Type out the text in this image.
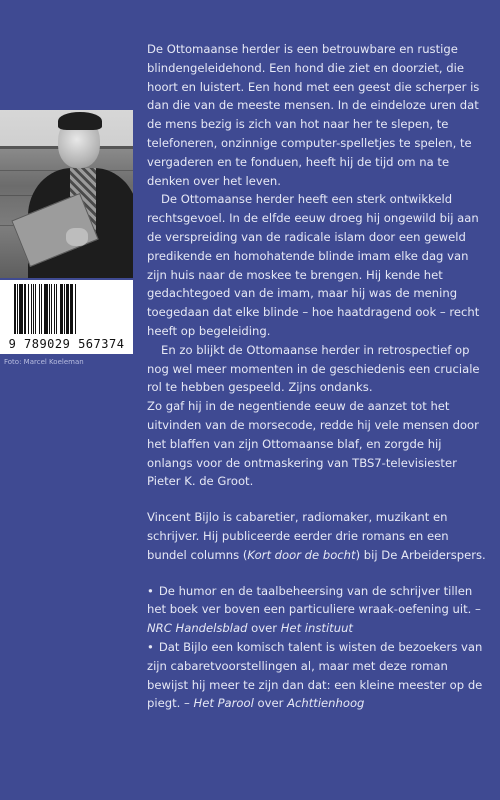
9 789029 567374
Foto: Marcel Koeleman

De Ottomaanse herder is een betrouwbare en rustige blindengeleidehond. Een hond die ziet en doorziet, die hoort en luistert. Een hond met een geest die scherper is dan die van de meeste mensen. In de eindeloze uren dat de mens bezig is zich van hot naar her te slepen, te telefoneren, onzinnige computer-spelletjes te spelen, te vergaderen en te fonduen, heeft hij de tijd om na te denken over het leven.

De Ottomaanse herder heeft een sterk ontwikkeld rechtsgevoel. In de elfde eeuw droeg hij ongewild bij aan de verspreiding van de radicale islam door een geweld predikende en homohatende blinde imam elke dag van zijn huis naar de moskee te brengen. Hij kende het gedachtegoed van de imam, maar hij was de mening toegedaan dat elke blinde – hoe haatdragend ook – recht heeft op begeleiding.

En zo blijkt de Ottomaanse herder in retrospectief op nog wel meer momenten in de geschiedenis een cruciale rol te hebben gespeeld. Zijns ondanks.

Zo gaf hij in de negentiende eeuw de aanzet tot het uitvinden van de morsecode, redde hij vele mensen door het blaffen van zijn Ottomaanse blaf, en zorgde hij onlangs voor de ontmaskering van TBS7-televisiester Pieter K. de Groot.

Vincent Bijlo is cabaretier, radiomaker, muzikant en schrijver. Hij publiceerde eerder drie romans en een bundel columns (Kort door de bocht) bij De Arbeiderspers.

• De humor en de taalbeheersing van de schrijver tillen het boek ver boven een particuliere wraak-oefening uit. – NRC Handelsblad over Het instituut

• Dat Bijlo een komisch talent is wisten de bezoekers van zijn cabaretvoorstellingen al, maar met deze roman bewijst hij meer te zijn dan dat: een kleine meester op de piegt. – Het Parool over Achttienhoog
